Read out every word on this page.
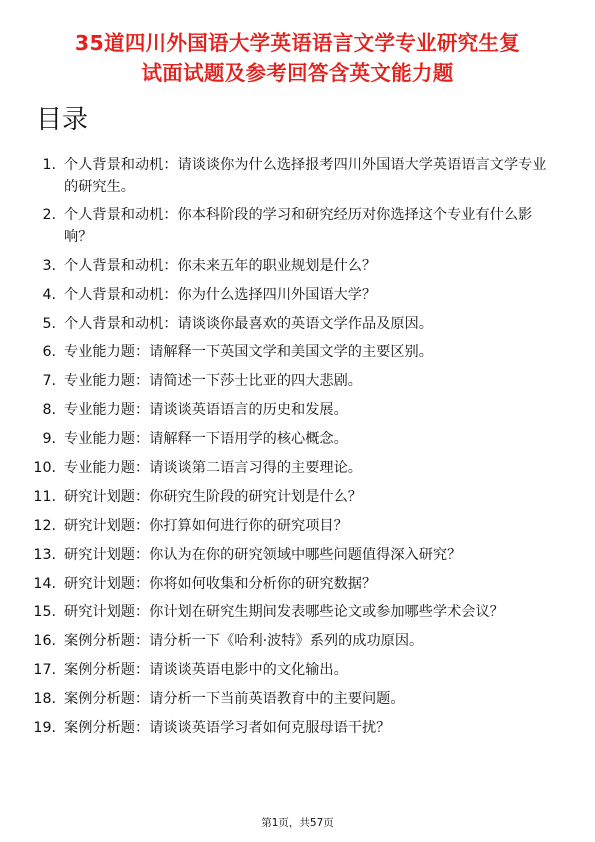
35道四川外国语大学英语语言文学专业研究生复
试面试题及参考回答含英文能力题
目录
1. 个人背景和动机：请谈谈你为什么选择报考四川外国语大学英语语言文学专业的研究生。
2. 个人背景和动机：你本科阶段的学习和研究经历对你选择这个专业有什么影响？
3. 个人背景和动机：你未来五年的职业规划是什么？
4. 个人背景和动机：你为什么选择四川外国语大学？
5. 个人背景和动机：请谈谈你最喜欢的英语文学作品及原因。
6. 专业能力题：请解释一下英国文学和美国文学的主要区别。
7. 专业能力题：请简述一下莎士比亚的四大悲剧。
8. 专业能力题：请谈谈英语语言的历史和发展。
9. 专业能力题：请解释一下语用学的核心概念。
10. 专业能力题：请谈谈第二语言习得的主要理论。
11. 研究计划题：你研究生阶段的研究计划是什么？
12. 研究计划题：你打算如何进行你的研究项目？
13. 研究计划题：你认为在你的研究领域中哪些问题值得深入研究？
14. 研究计划题：你将如何收集和分析你的研究数据？
15. 研究计划题：你计划在研究生期间发表哪些论文或参加哪些学术会议？
16. 案例分析题：请分析一下《哈利·波特》系列的成功原因。
17. 案例分析题：请谈谈英语电影中的文化输出。
18. 案例分析题：请分析一下当前英语教育中的主要问题。
19. 案例分析题：请谈谈英语学习者如何克服母语干扰？
第1页，共57页
